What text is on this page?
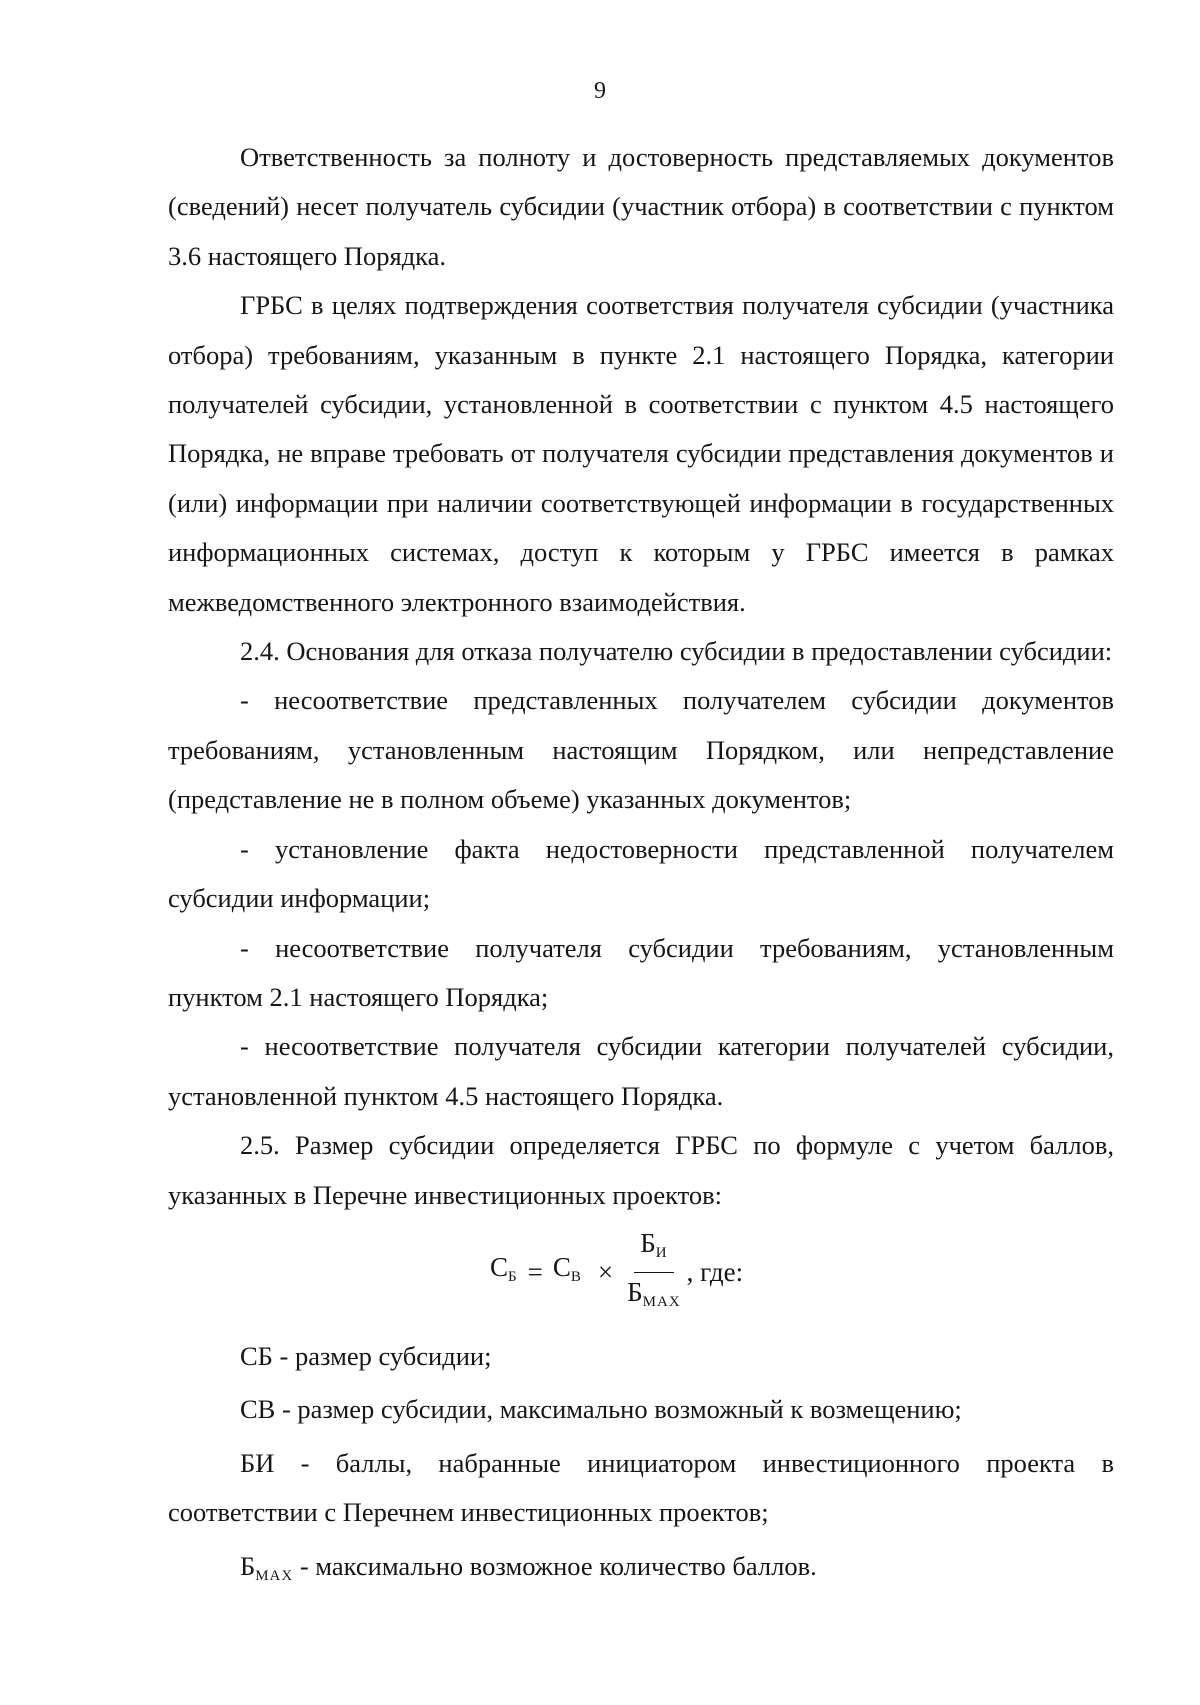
9

Ответственность за полноту и достоверность представляемых документов (сведений) несет получатель субсидии (участник отбора) в соответствии с пунктом 3.6 настоящего Порядка.

ГРБС в целях подтверждения соответствия получателя субсидии (участника отбора) требованиям, указанным в пункте 2.1 настоящего Порядка, категории получателей субсидии, установленной в соответствии с пунктом 4.5 настоящего Порядка, не вправе требовать от получателя субсидии представления документов и (или) информации при наличии соответствующей информации в государственных информационных системах, доступ к которым у ГРБС имеется в рамках межведомственного электронного взаимодействия.

2.4. Основания для отказа получателю субсидии в предоставлении субсидии:

- несоответствие представленных получателем субсидии документов требованиям, установленным настоящим Порядком, или непредставление (представление не в полном объеме) указанных документов;

- установление факта недостоверности представленной получателем субсидии информации;

- несоответствие получателя субсидии требованиям, установленным пунктом 2.1 настоящего Порядка;

- несоответствие получателя субсидии категории получателей субсидии, установленной пунктом 4.5 настоящего Порядка.

2.5. Размер субсидии определяется ГРБС по формуле с учетом баллов, указанных в Перечне инвестиционных проектов:

$С_Б = С_В \times \frac{Б_И}{Б_{МАХ}}$ , где:

СБ - размер субсидии;

СВ - размер субсидии, максимально возможный к возмещению;

БИ - баллы, набранные инициатором инвестиционного проекта в соответствии с Перечнем инвестиционных проектов;

$Б_{МАХ}$ - максимально возможное количество баллов.
